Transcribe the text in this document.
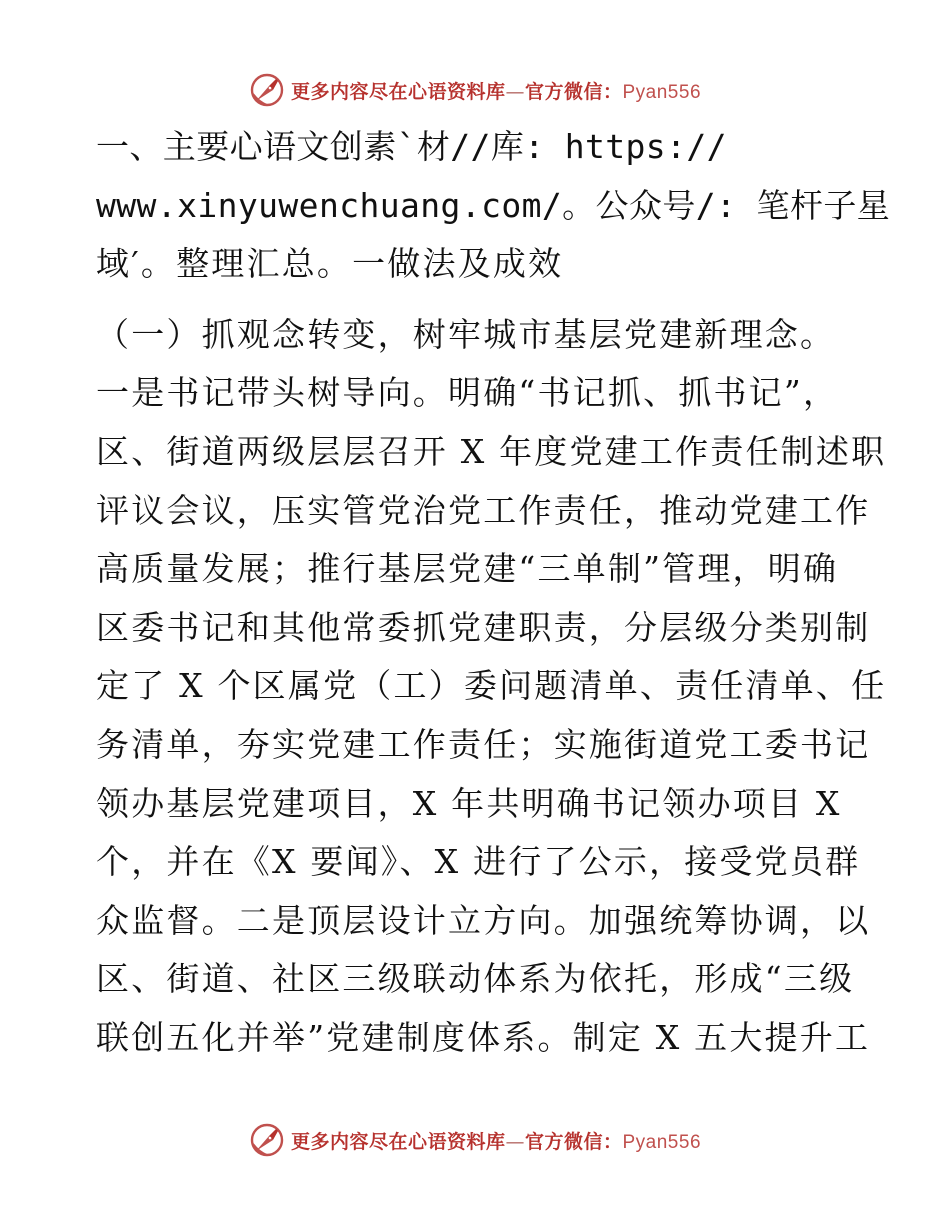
更多内容尽在心语资料库—官方微信：Pyan556
一、主要心语文创素`材//库: https://
www.xinyuwenchuang.com/。公众号/: 笔杆子星
域′。整理汇总。一做法及成效
（一）抓观念转变，树牢城市基层党建新理念。
一是书记带头树导向。明确“书记抓、抓书记”，
区、街道两级层层召开 X 年度党建工作责任制述职
评议会议，压实管党治党工作责任，推动党建工作
高质量发展；推行基层党建“三单制”管理，明确
区委书记和其他常委抓党建职责，分层级分类别制
定了 X 个区属党（工）委问题清单、责任清单、任
务清单，夯实党建工作责任；实施街道党工委书记
领办基层党建项目，X 年共明确书记领办项目 X
个，并在《X 要闻》、X 进行了公示，接受党员群
众监督。二是顶层设计立方向。加强统筹协调，以
区、街道、社区三级联动体系为依托，形成“三级
联创五化并举”党建制度体系。制定 X 五大提升工
更多内容尽在心语资料库—官方微信：Pyan556
